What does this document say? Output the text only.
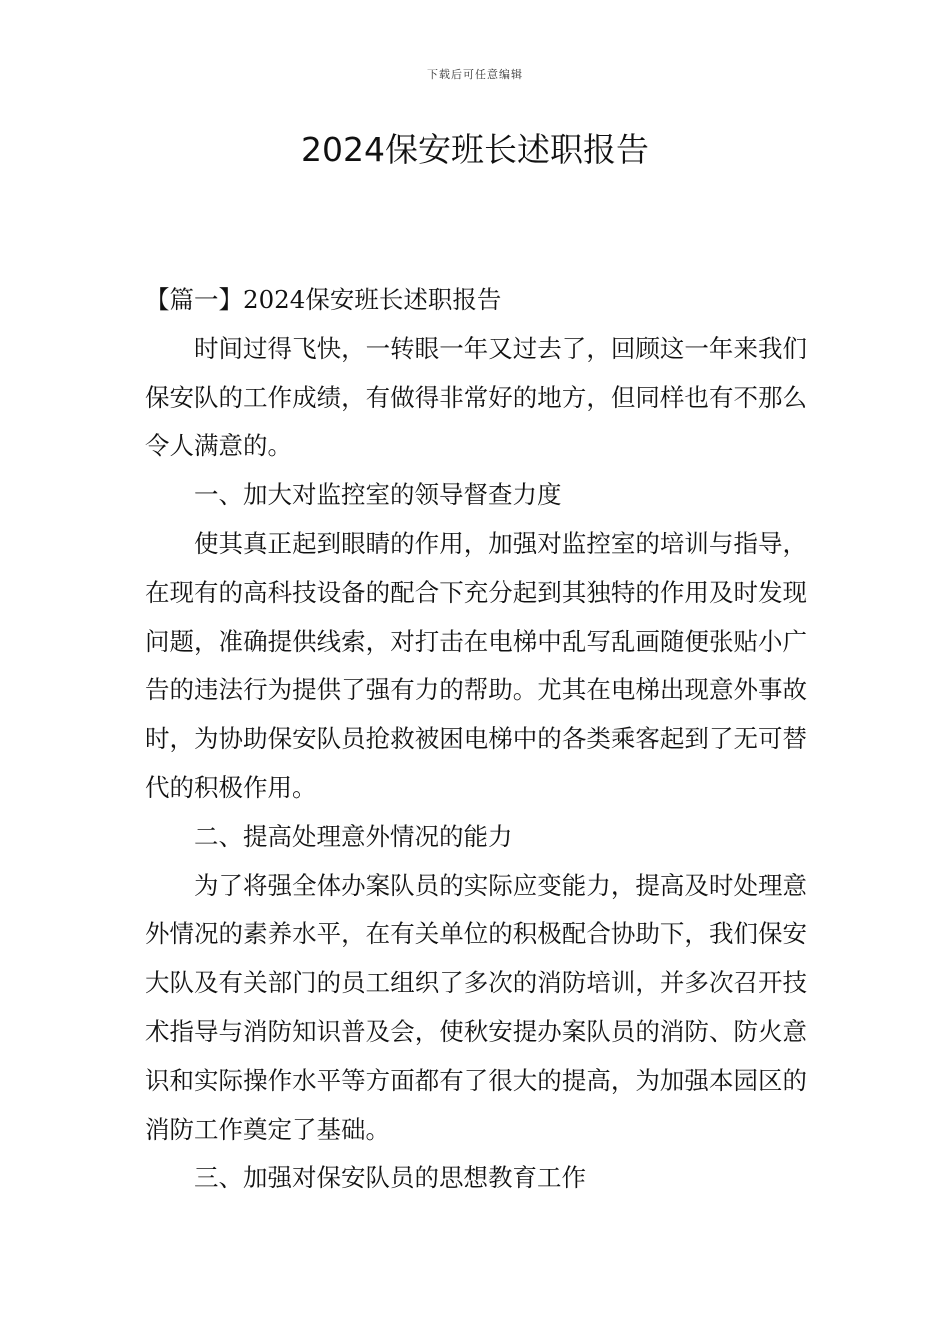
下载后可任意编辑
2024保安班长述职报告

【篇一】2024保安班长述职报告

时间过得飞快，一转眼一年又过去了，回顾这一年来我们保安队的工作成绩，有做得非常好的地方，但同样也有不那么令人满意的。

一、加大对监控室的领导督查力度

使其真正起到眼睛的作用，加强对监控室的培训与指导，在现有的高科技设备的配合下充分起到其独特的作用及时发现问题，准确提供线索，对打击在电梯中乱写乱画随便张贴小广告的违法行为提供了强有力的帮助。尤其在电梯出现意外事故时，为协助保安队员抢救被困电梯中的各类乘客起到了无可替代的积极作用。

二、提高处理意外情况的能力

为了将强全体办案队员的实际应变能力，提高及时处理意外情况的素养水平，在有关单位的积极配合协助下，我们保安大队及有关部门的员工组织了多次的消防培训，并多次召开技术指导与消防知识普及会，使秋安提办案队员的消防、防火意识和实际操作水平等方面都有了很大的提高，为加强本园区的消防工作奠定了基础。

三、加强对保安队员的思想教育工作
